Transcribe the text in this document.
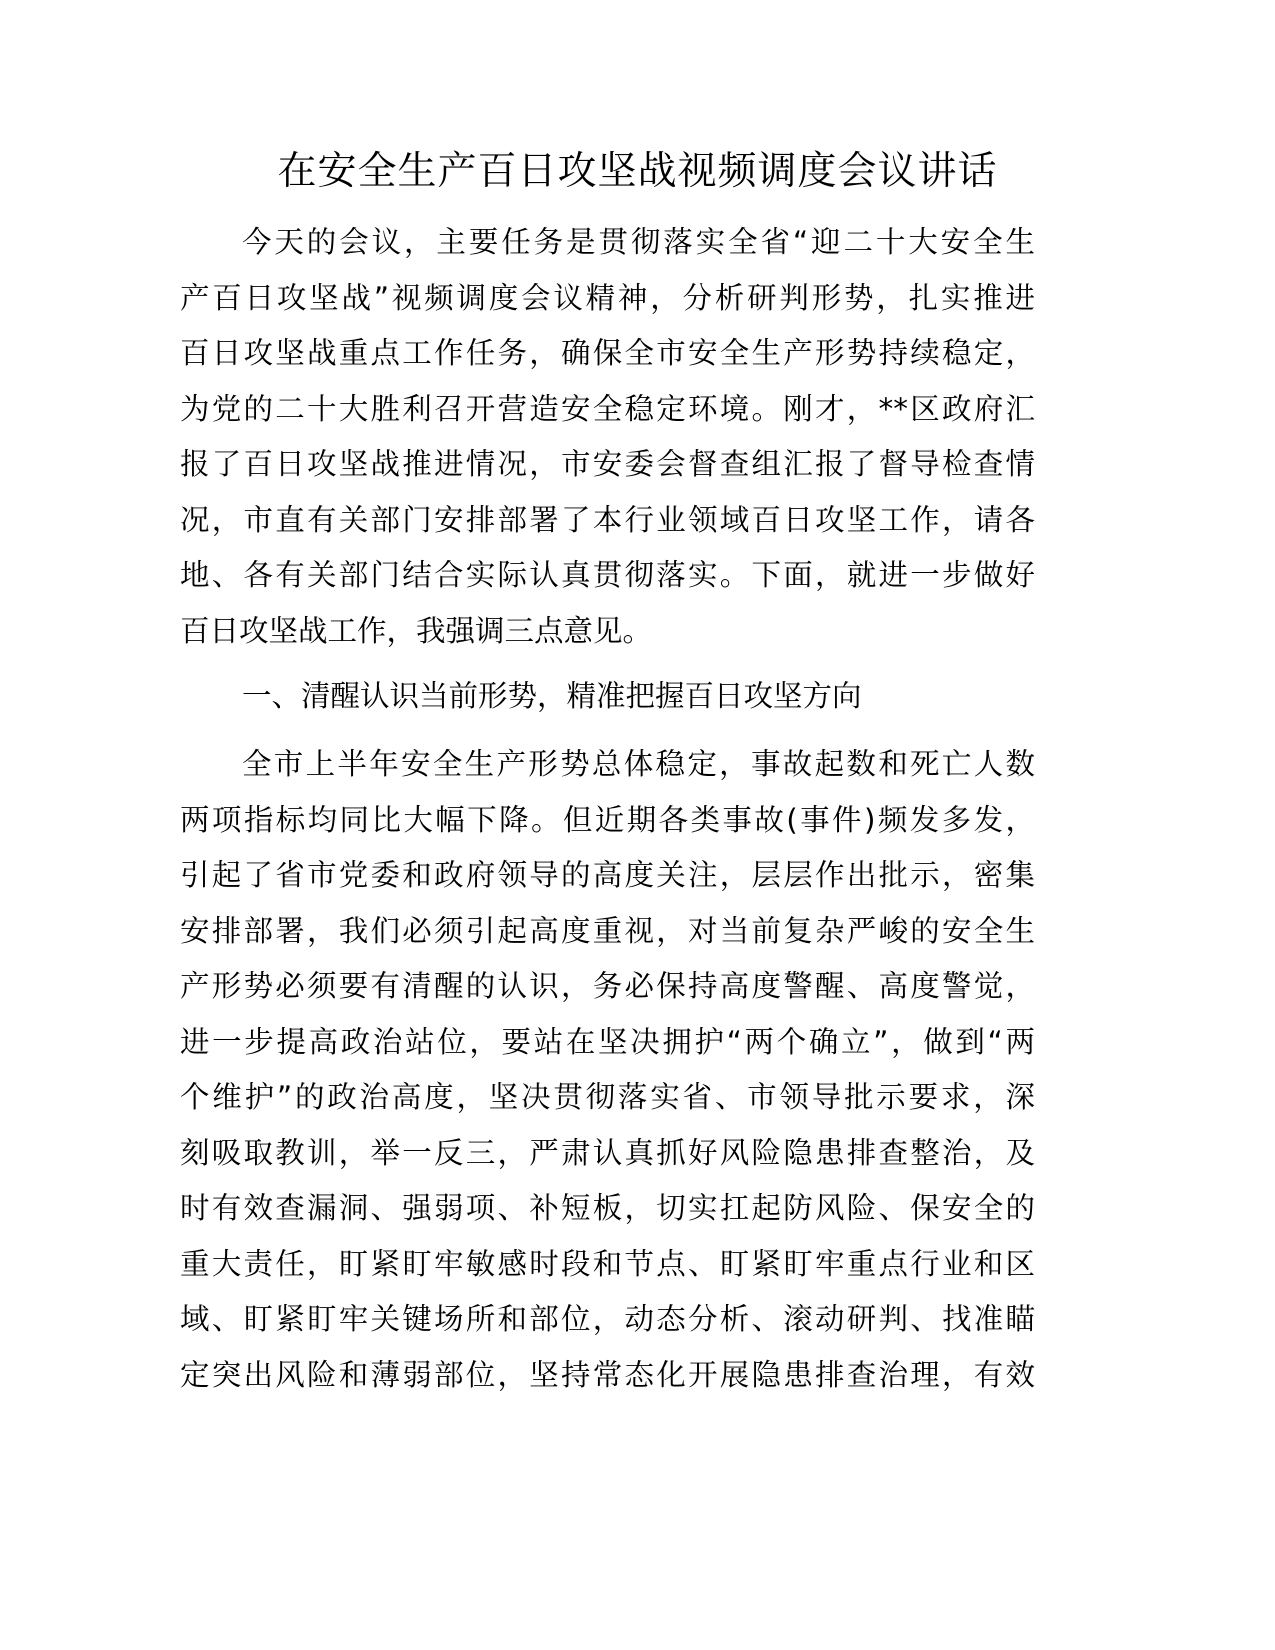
在安全生产百日攻坚战视频调度会议讲话
今天的会议，主要任务是贯彻落实全省“迎二十大安全生
产百日攻坚战”视频调度会议精神，分析研判形势，扎实推进
百日攻坚战重点工作任务，确保全市安全生产形势持续稳定，
为党的二十大胜利召开营造安全稳定环境。刚才，**区政府汇
报了百日攻坚战推进情况，市安委会督查组汇报了督导检查情
况，市直有关部门安排部署了本行业领域百日攻坚工作，请各
地、各有关部门结合实际认真贯彻落实。下面，就进一步做好
百日攻坚战工作，我强调三点意见。
一、清醒认识当前形势，精准把握百日攻坚方向
全市上半年安全生产形势总体稳定，事故起数和死亡人数
两项指标均同比大幅下降。但近期各类事故(事件)频发多发，
引起了省市党委和政府领导的高度关注，层层作出批示，密集
安排部署，我们必须引起高度重视，对当前复杂严峻的安全生
产形势必须要有清醒的认识，务必保持高度警醒、高度警觉，
进一步提高政治站位，要站在坚决拥护“两个确立”，做到“两
个维护”的政治高度，坚决贯彻落实省、市领导批示要求，深
刻吸取教训，举一反三，严肃认真抓好风险隐患排查整治，及
时有效查漏洞、强弱项、补短板，切实扛起防风险、保安全的
重大责任，盯紧盯牢敏感时段和节点、盯紧盯牢重点行业和区
域、盯紧盯牢关键场所和部位，动态分析、滚动研判、找准瞄
定突出风险和薄弱部位，坚持常态化开展隐患排查治理，有效
